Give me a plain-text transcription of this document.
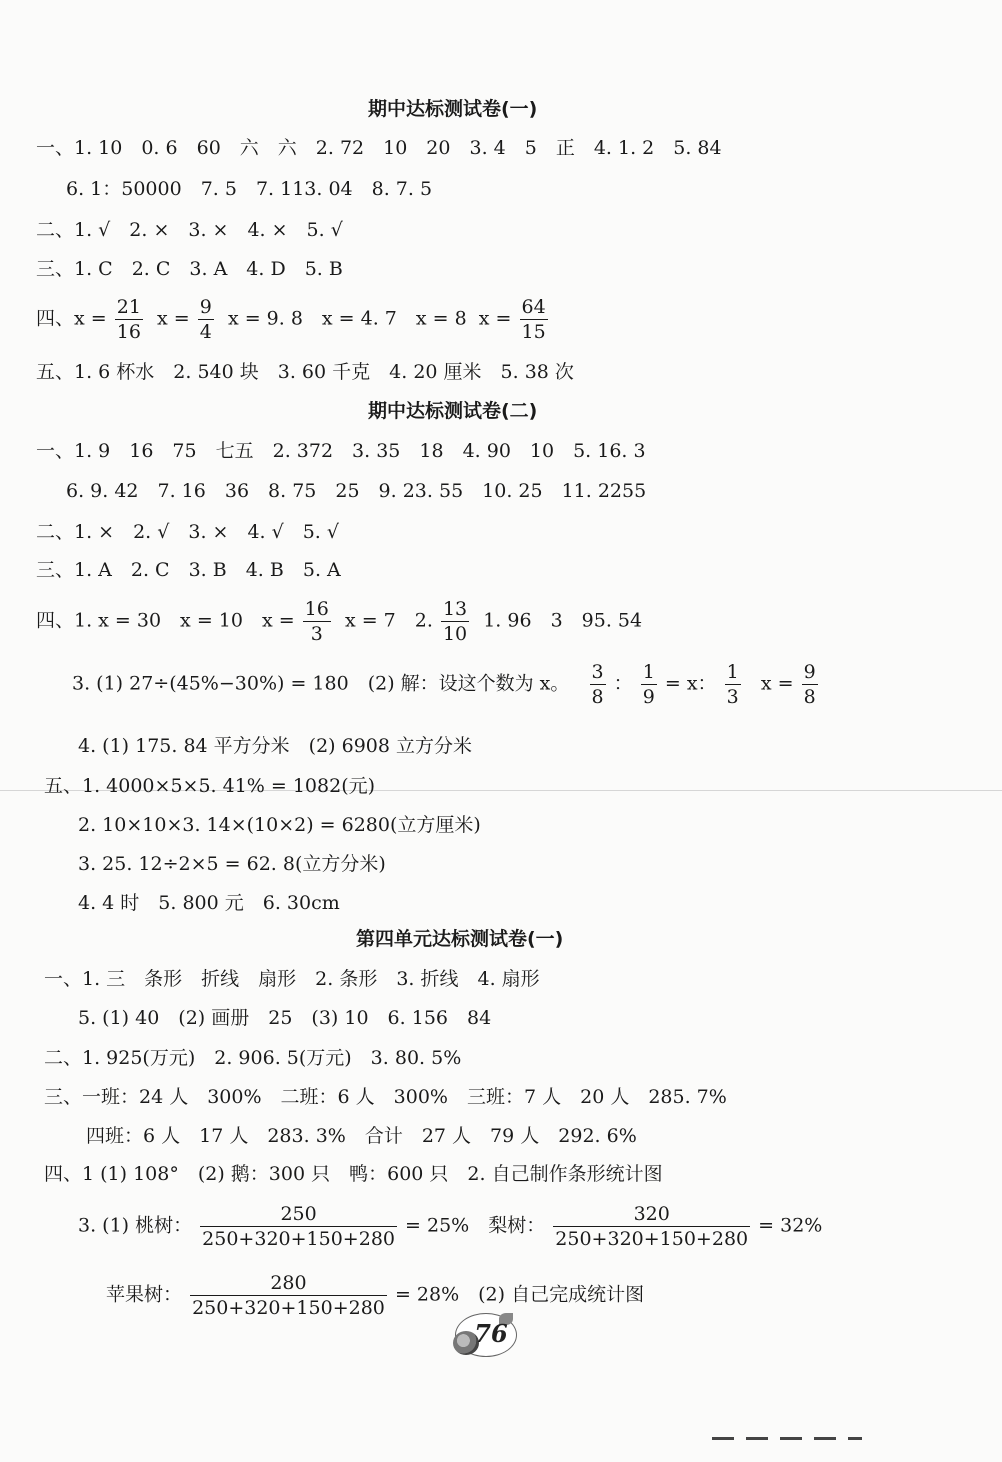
期中达标测试卷(一)
一、1. 10　0. 6　60　六　六　2. 72　10　20　3. 4　5　正　4. 1. 2　5. 84
6. 1：50000　7. 5　7. 113. 04　8. 7. 5
二、1. √　2. ×　3. ×　4. ×　5. √
三、1. C　2. C　3. A　4. D　5. B
四、$x = \frac{21}{16}$ $x = \frac{9}{4}$ x = 9. 8　x = 4. 7　x = 8 $x = \frac{64}{15}$
五、1. 6 杯水　2. 540 块　3. 60 千克　4. 20 厘米　5. 38 次
期中达标测试卷(二)
一、1. 9　16　75　七五　2. 372　3. 35　18　4. 90　10　5. 16. 3
6. 9. 42　7. 16　36　8. 75　25　9. 23. 55　10. 25　11. 2255
二、1. ×　2. √　3. ×　4. √　5. √
三、1. A　2. C　3. B　4. B　5. A
四、1. x = 30　x = 10　$x = \frac{16}{3}$ x = 7　2. $\frac{13}{10} 1$. 96　3　95. 54
3. (1) 27÷(45%−30%) = 180　(2) 解：设这个数为 x。 $\frac{3}{8}$ ： $\frac{1}{9} = x$： $\frac{1}{3}$ $x = \frac{9}{8}$
4. (1) 175. 84 平方分米　(2) 6908 立方分米
五、1. 4000×5×5. 41% = 1082(元)
2. 10×10×3. 14×(10×2) = 6280(立方厘米)
3. 25. 12÷2×5 = 62. 8(立方分米)
4. 4 时　5. 800 元　6. 30cm
第四单元达标测试卷(一)
一、1. 三　条形　折线　扇形　2. 条形　3. 折线　4. 扇形
5. (1) 40　(2) 画册　25　(3) 10　6. 156　84
二、1. 925(万元)　2. 906. 5(万元)　3. 80. 5%
三、一班：24 人　300%　二班：6 人　300%　三班：7 人　20 人　285. 7%
四班：6 人　17 人　283. 3%　合计　27 人　79 人　292. 6%
四、1 (1) 108°　(2) 鹅：300 只　鸭：600 只　2. 自己制作条形统计图
3. (1) 桃树： $\frac{250}{250+320+150+280} = 25\%$　梨树： $\frac{320}{250+320+150+280} = 32\%$
苹果树： $\frac{280}{250+320+150+280} = 28\%$　(2) 自己完成统计图
76
